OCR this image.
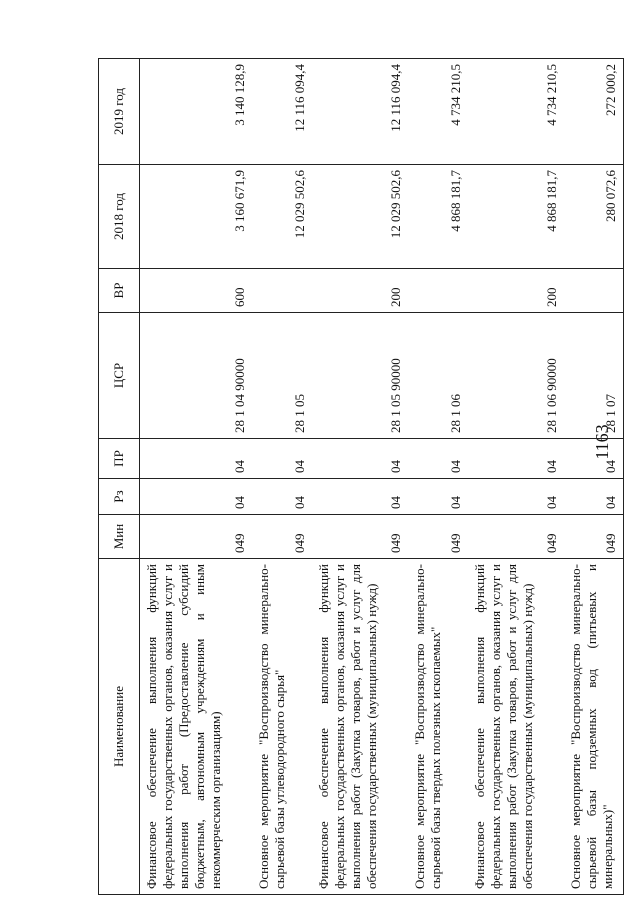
1163
Наименование	Мин	Рз	ПР	ЦСР	ВР	2018 год	2019 год
Финансовое обеспечение выполнения функций федеральных государственных органов, оказания услуг и выполнения работ (Предоставление субсидий бюджетным, автономным учреждениям и иным некоммерческим организациям)	049	04	04	28 1 04 90000	600	3 160 671,9	3 140 128,9
Основное мероприятие "Воспроизводство минерально-сырьевой базы углеводородного сырья"	049	04	04	28 1 05		12 029 502,6	12 116 094,4
Финансовое обеспечение выполнения функций федеральных государственных органов, оказания услуг и выполнения работ (Закупка товаров, работ и услуг для обеспечения государственных (муниципальных) нужд)	049	04	04	28 1 05 90000	200	12 029 502,6	12 116 094,4
Основное мероприятие "Воспроизводство минерально-сырьевой базы твердых полезных ископаемых"	049	04	04	28 1 06		4 868 181,7	4 734 210,5
Финансовое обеспечение выполнения функций федеральных государственных органов, оказания услуг и выполнения работ (Закупка товаров, работ и услуг для обеспечения государственных (муниципальных) нужд)	049	04	04	28 1 06 90000	200	4 868 181,7	4 734 210,5
Основное мероприятие "Воспроизводство минерально-сырьевой базы подземных вод (питьевых и минеральных)"	049	04	04	28 1 07		280 072,6	272 000,2
